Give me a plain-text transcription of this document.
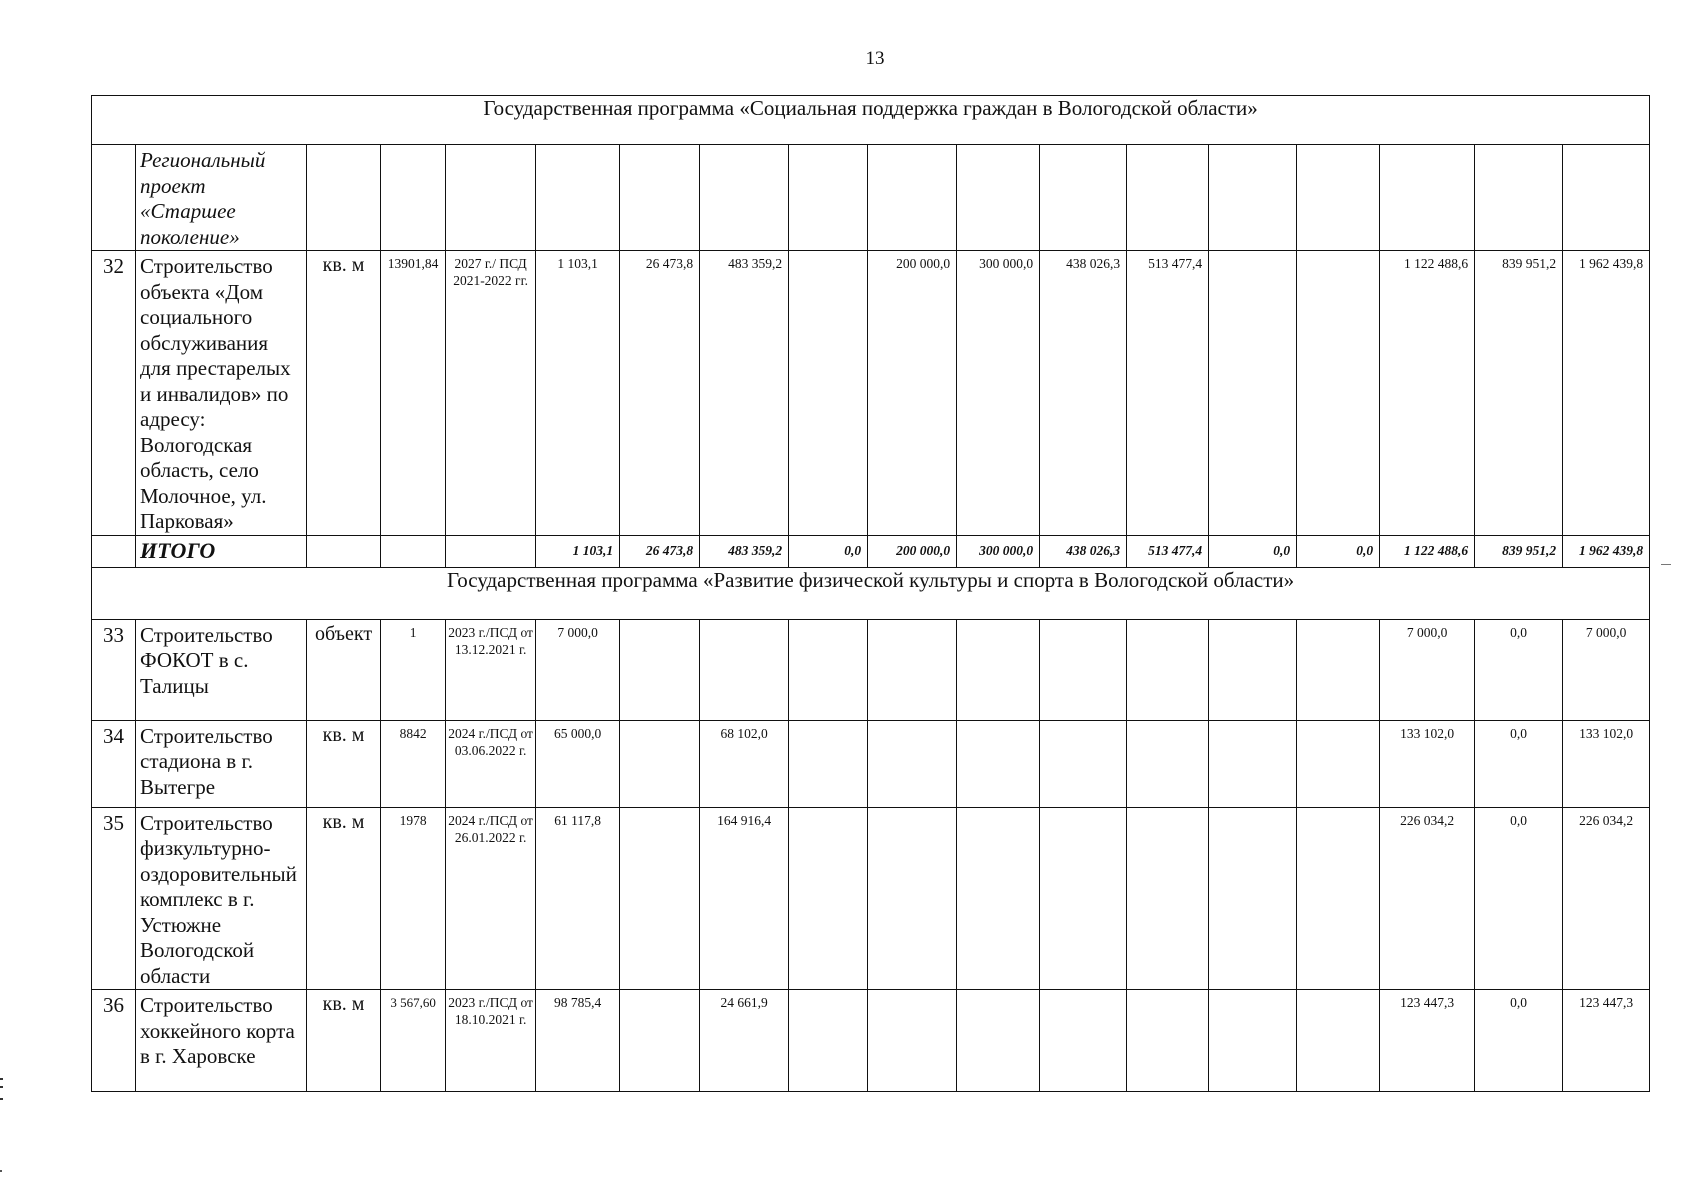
13
Государственная программа «Социальная поддержка граждан в Вологодской области»																	
	Региональный проект «Старшее поколение»																
32	Строительство объекта «Дом социального обслуживания для престарелых и инвалидов» по адресу: Вологодская область, село Молочное, ул. Парковая»	кв. м	13901,84	2027 г./ ПСД 2021-2022 гг.	1 103,1	26 473,8	483 359,2		200 000,0	300 000,0	438 026,3	513 477,4			1 122 488,6	839 951,2	1 962 439,8
	ИТОГО				1 103,1	26 473,8	483 359,2	0,0	200 000,0	300 000,0	438 026,3	513 477,4	0,0	0,0	1 122 488,6	839 951,2	1 962 439,8
Государственная программа «Развитие физической культуры и спорта в Вологодской области»																	
33	Строительство ФОКОТ в с. Талицы	объект	1	2023 г./ПСД от 13.12.2021 г.	7 000,0										7 000,0	0,0	7 000,0
34	Строительство стадиона в г. Вытегре	кв. м	8842	2024 г./ПСД от 03.06.2022 г.	65 000,0		68 102,0								133 102,0	0,0	133 102,0
35	Строительство физкультурно-оздоровительный комплекс в г. Устюжне Вологодской области	кв. м	1978	2024 г./ПСД от 26.01.2022 г.	61 117,8		164 916,4								226 034,2	0,0	226 034,2
36	Строительство хоккейного корта в г. Харовске	кв. м	3 567,60	2023 г./ПСД от 18.10.2021 г.	98 785,4		24 661,9								123 447,3	0,0	123 447,3
